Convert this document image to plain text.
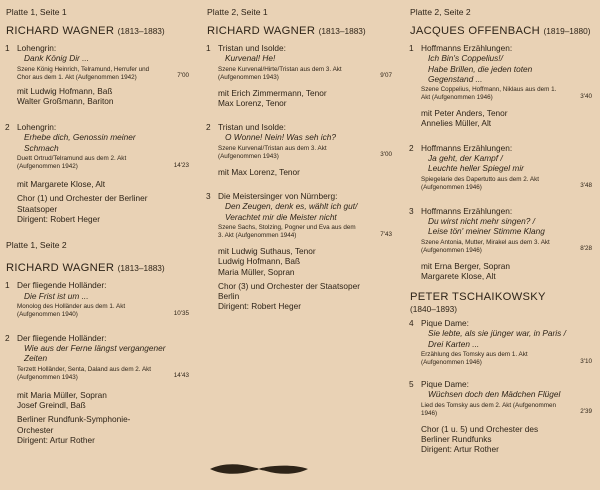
Platte 1, Seite 1
RICHARD WAGNER (1813–1883)
1 Lohengrin:
Dank König Dir ...
Szene König Heinrich, Telramund, Herrufer und Chor aus dem 1. Akt (Aufgenommen 1942)	7'00
mit Ludwig Hofmann, Baß
Walter Großmann, Bariton
2 Lohengrin:
Erhebe dich, Genossin meiner
Schmach
Duett Ortrud/Telramund aus dem 2. Akt (Aufgenommen 1942)	14'23
mit Margarete Klose, Alt
Chor (1) und Orchester der Berliner
Staatsoper
Dirigent: Robert Heger
Platte 1, Seite 2
RICHARD WAGNER (1813–1883)
1 Der fliegende Holländer:
Die Frist ist um ...
Monolog des Holländer aus dem 1. Akt (Aufgenommen 1940)	10'35
2 Der fliegende Holländer:
Wie aus der Ferne längst vergangener
Zeiten
Terzett Holländer, Senta, Daland aus dem 2. Akt (Aufgenommen 1943)	14'43
mit Maria Müller, Sopran
Josef Greindl, Baß
Berliner Rundfunk-Symphonie-
Orchester
Dirigent: Artur Rother
Platte 2, Seite 1
RICHARD WAGNER (1813–1883)
1 Tristan und Isolde:
Kurvenal! He!
Szene Kurvenal/Hirte/Tristan aus dem 3. Akt (Aufgenommen 1943)	9'07
mit Erich Zimmermann, Tenor
Max Lorenz, Tenor
2 Tristan und Isolde:
O Wonne! Nein! Was seh ich?
Szene Kurvenal/Tristan aus dem 3. Akt (Aufgenommen 1943)	3'00
mit Max Lorenz, Tenor
3 Die Meistersinger von Nürnberg:
Den Zeugen, denk es, wählt ich gut/
Verachtet mir die Meister nicht
Szene Sachs, Stolzing, Pogner und Eva aus dem 3. Akt (Aufgenommen 1944)	7'43
mit Ludwig Suthaus, Tenor
Ludwig Hofmann, Baß
Maria Müller, Sopran
Chor (3) und Orchester der Staatsoper
Berlin
Dirigent: Robert Heger
Platte 2, Seite 2
JACQUES OFFENBACH (1819–1880)
1 Hoffmanns Erzählungen:
Ich Bin's Coppelius!/
Habe Brillen, die jeden toten
Gegenstand ...
Szene Coppelius, Hoffmann, Niklaus aus dem 1. Akt (Aufgenommen 1946)	3'40
mit Peter Anders, Tenor
Annelies Müller, Alt
2 Hoffmanns Erzählungen:
Ja geht, der Kampf /
Leuchte heller Spiegel mir
Spiegelarie des Dapertutto aus dem 2. Akt (Aufgenommen 1946)	3'48
3 Hoffmanns Erzählungen:
Du wirst nicht mehr singen? /
Leise tön' meiner Stimme Klang
Szene Antonia, Mutter, Mirakel aus dem 3. Akt (Aufgenommen 1946)	8'28
mit Erna Berger, Sopran
Margarete Klose, Alt
PETER TSCHAIKOWSKY
(1840–1893)
4 Pique Dame:
Sie lebte, als sie jünger war, in Paris /
Drei Karten ...
Erzählung des Tomsky aus dem 1. Akt (Aufgenommen 1946)	3'10
5 Pique Dame:
Wüchsen doch den Mädchen Flügel
Lied des Tomsky aus dem 2. Akt (Aufgenommen 1946)	2'39
Chor (1 u. 5) und Orchester des
Berliner Rundfunks
Dirigent: Artur Rother
